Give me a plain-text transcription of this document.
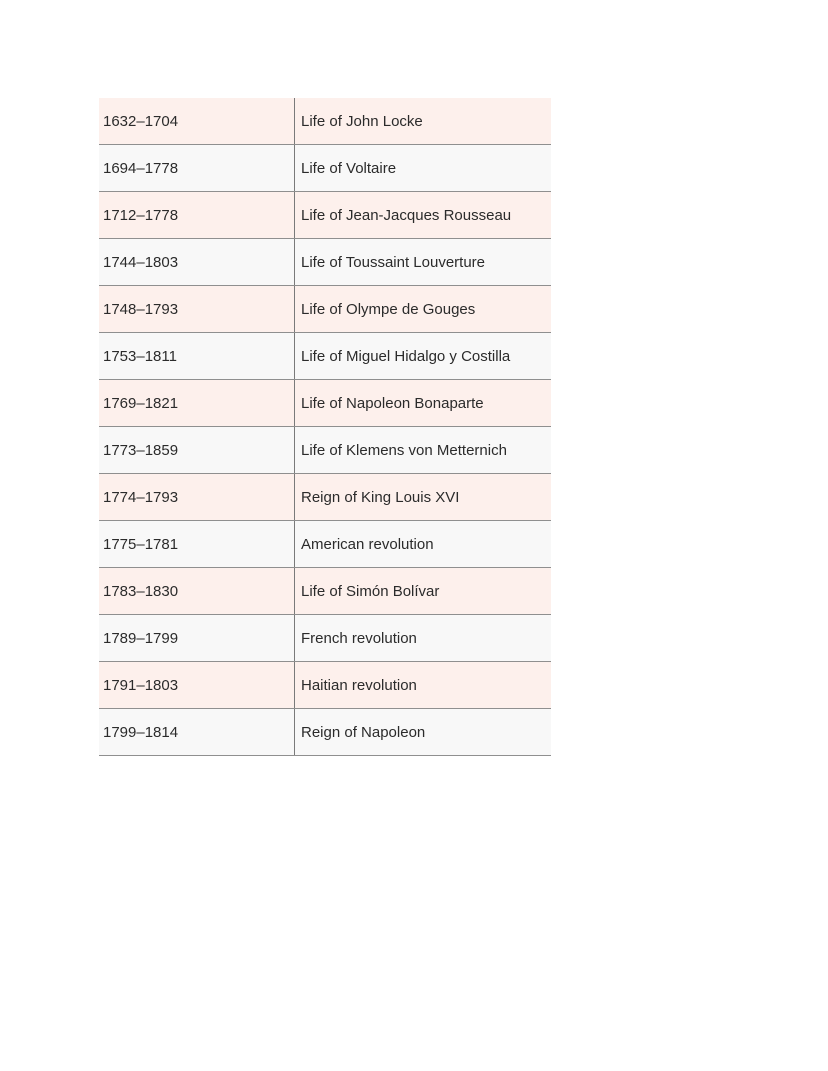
1632–1704	Life of John Locke
1694–1778	Life of Voltaire
1712–1778	Life of Jean-Jacques Rousseau
1744–1803	Life of Toussaint Louverture
1748–1793	Life of Olympe de Gouges
1753–1811	Life of Miguel Hidalgo y Costilla
1769–1821	Life of Napoleon Bonaparte
1773–1859	Life of Klemens von Metternich
1774–1793	Reign of King Louis XVI
1775–1781	American revolution
1783–1830	Life of Simón Bolívar
1789–1799	French revolution
1791–1803	Haitian revolution
1799–1814	Reign of Napoleon
